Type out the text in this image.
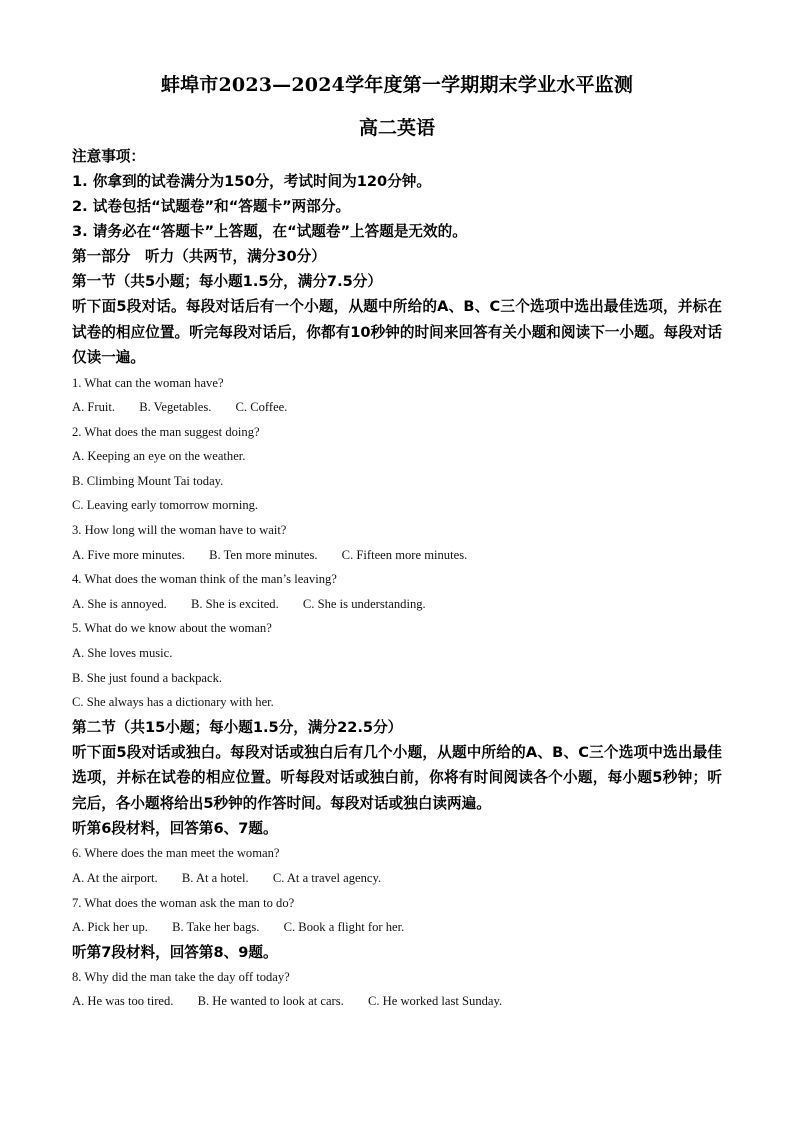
蚌埠市2023—2024学年度第一学期期末学业水平监测
高二英语

注意事项：

1. 你拿到的试卷满分为150分，考试时间为120分钟。

2. 试卷包括“试题卷”和“答题卡”两部分。

3. 请务必在“答题卡”上答题，在“试题卷”上答题是无效的。

第一部分　听力（共两节，满分30分）

第一节（共5小题；每小题1.5分，满分7.5分）

听下面5段对话。每段对话后有一个小题，从题中所给的A、B、C三个选项中选出最佳选项，并标在试卷的相应位置。听完每段对话后，你都有10秒钟的时间来回答有关小题和阅读下一小题。每段对话仅读一遍。

1. What can the woman have?

A. Fruit. B. Vegetables. C. Coffee.

2. What does the man suggest doing?

A. Keeping an eye on the weather.

B. Climbing Mount Tai today.

C. Leaving early tomorrow morning.

3. How long will the woman have to wait?

A. Five more minutes. B. Ten more minutes. C. Fifteen more minutes.

4. What does the woman think of the man’s leaving?

A. She is annoyed. B. She is excited. C. She is understanding.

5. What do we know about the woman?

A. She loves music.

B. She just found a backpack.

C. She always has a dictionary with her.

第二节（共15小题；每小题1.5分，满分22.5分）

听下面5段对话或独白。每段对话或独白后有几个小题，从题中所给的A、B、C三个选项中选出最佳选项，并标在试卷的相应位置。听每段对话或独白前，你将有时间阅读各个小题，每小题5秒钟；听完后，各小题将给出5秒钟的作答时间。每段对话或独白读两遍。

听第6段材料，回答第6、7题。

6. Where does the man meet the woman?

A. At the airport. B. At a hotel. C. At a travel agency.

7. What does the woman ask the man to do?

A. Pick her up. B. Take her bags. C. Book a flight for her.

听第7段材料，回答第8、9题。

8. Why did the man take the day off today?

A. He was too tired. B. He wanted to look at cars. C. He worked last Sunday.
